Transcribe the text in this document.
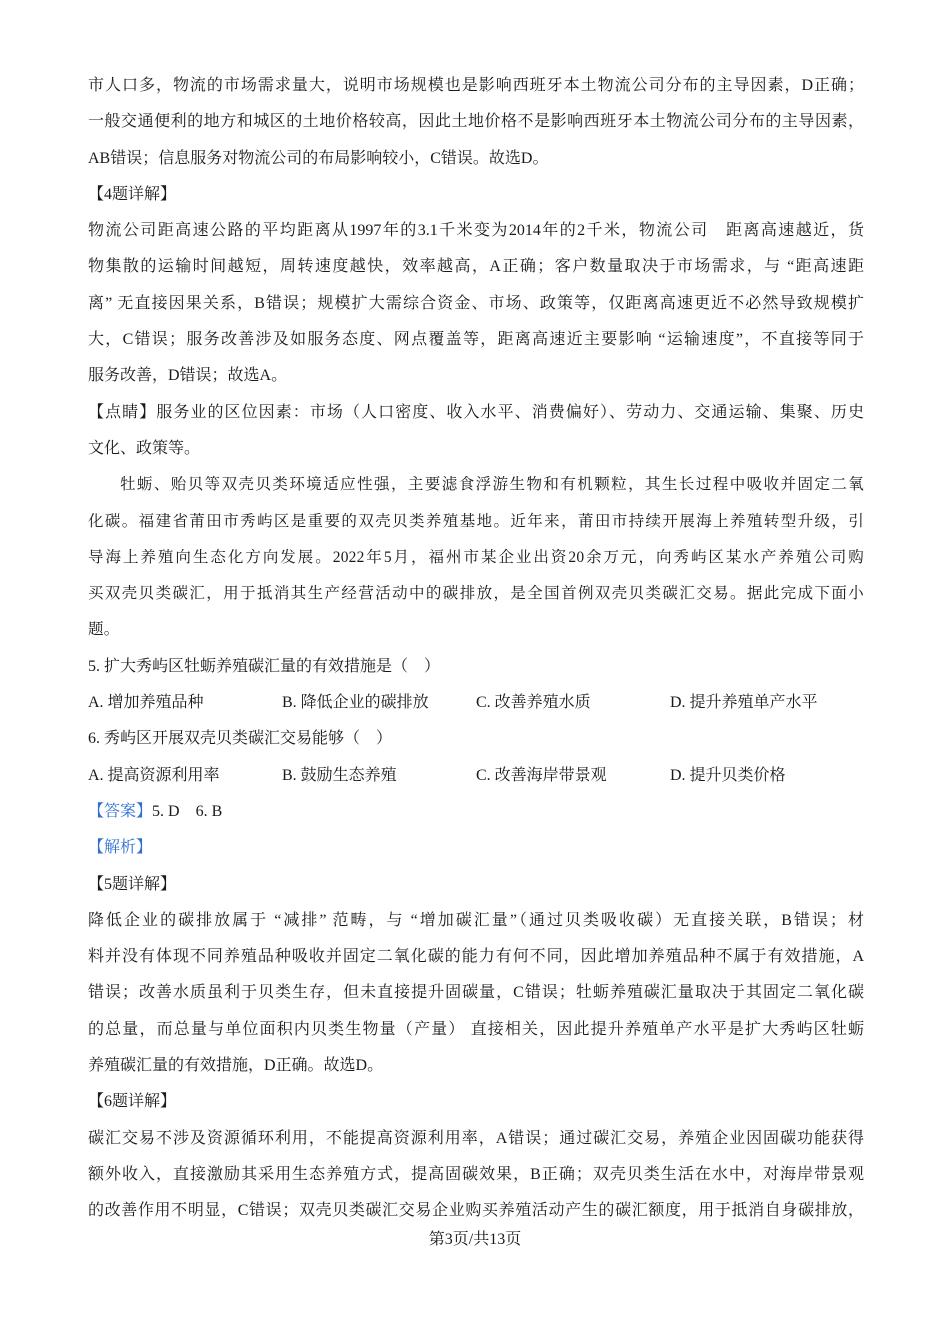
市人口多，物流的市场需求量大，说明市场规模也是影响西班牙本土物流公司分布的主导因素，D正确；
一般交通便利的地方和城区的土地价格较高，因此土地价格不是影响西班牙本土物流公司分布的主导因素，
AB错误；信息服务对物流公司的布局影响较小，C错误。故选D。
【4题详解】
物流公司距高速公路的平均距离从1997年的3.1千米变为2014年的2千米，物流公司　距离高速越近，货
物集散的运输时间越短，周转速度越快，效率越高，A正确；客户数量取决于市场需求，与 “距高速距
离” 无直接因果关系，B错误；规模扩大需综合资金、市场、政策等，仅距离高速更近不必然导致规模扩
大，C错误；服务改善涉及如服务态度、网点覆盖等，距离高速近主要影响 “运输速度”，不直接等同于
服务改善，D错误；故选A。
【点睛】服务业的区位因素：市场（人口密度、收入水平、消费偏好）、劳动力、交通运输、集聚、历史
文化、政策等。
牡蛎、贻贝等双壳贝类环境适应性强，主要滤食浮游生物和有机颗粒，其生长过程中吸收并固定二氧
化碳。福建省莆田市秀屿区是重要的双壳贝类养殖基地。近年来，莆田市持续开展海上养殖转型升级，引
导海上养殖向生态化方向发展。2022年5月，福州市某企业出资20余万元，向秀屿区某水产养殖公司购
买双壳贝类碳汇，用于抵消其生产经营活动中的碳排放，是全国首例双壳贝类碳汇交易。据此完成下面小
题。
5. 扩大秀屿区牡蛎养殖碳汇量的有效措施是（　）
A. 增加养殖品种	B. 降低企业的碳排放	C. 改善养殖水质	D. 提升养殖单产水平
6. 秀屿区开展双壳贝类碳汇交易能够（　）
A. 提高资源利用率	B. 鼓励生态养殖	C. 改善海岸带景观	D. 提升贝类价格
【答案】5. D　6. B
【解析】
【5题详解】
降低企业的碳排放属于 “减排” 范畴，与 “增加碳汇量”（通过贝类吸收碳）无直接关联，B错误；材
料并没有体现不同养殖品种吸收并固定二氧化碳的能力有何不同，因此增加养殖品种不属于有效措施，A
错误；改善水质虽利于贝类生存，但未直接提升固碳量，C错误；牡蛎养殖碳汇量取决于其固定二氧化碳
的总量，而总量与单位面积内贝类生物量（产量） 直接相关，因此提升养殖单产水平是扩大秀屿区牡蛎
养殖碳汇量的有效措施，D正确。故选D。
【6题详解】
碳汇交易不涉及资源循环利用，不能提高资源利用率，A错误；通过碳汇交易，养殖企业因固碳功能获得
额外收入，直接激励其采用生态养殖方式，提高固碳效果，B正确；双壳贝类生活在水中，对海岸带景观
的改善作用不明显，C错误；双壳贝类碳汇交易企业购买养殖活动产生的碳汇额度，用于抵消自身碳排放，
第3页/共13页
